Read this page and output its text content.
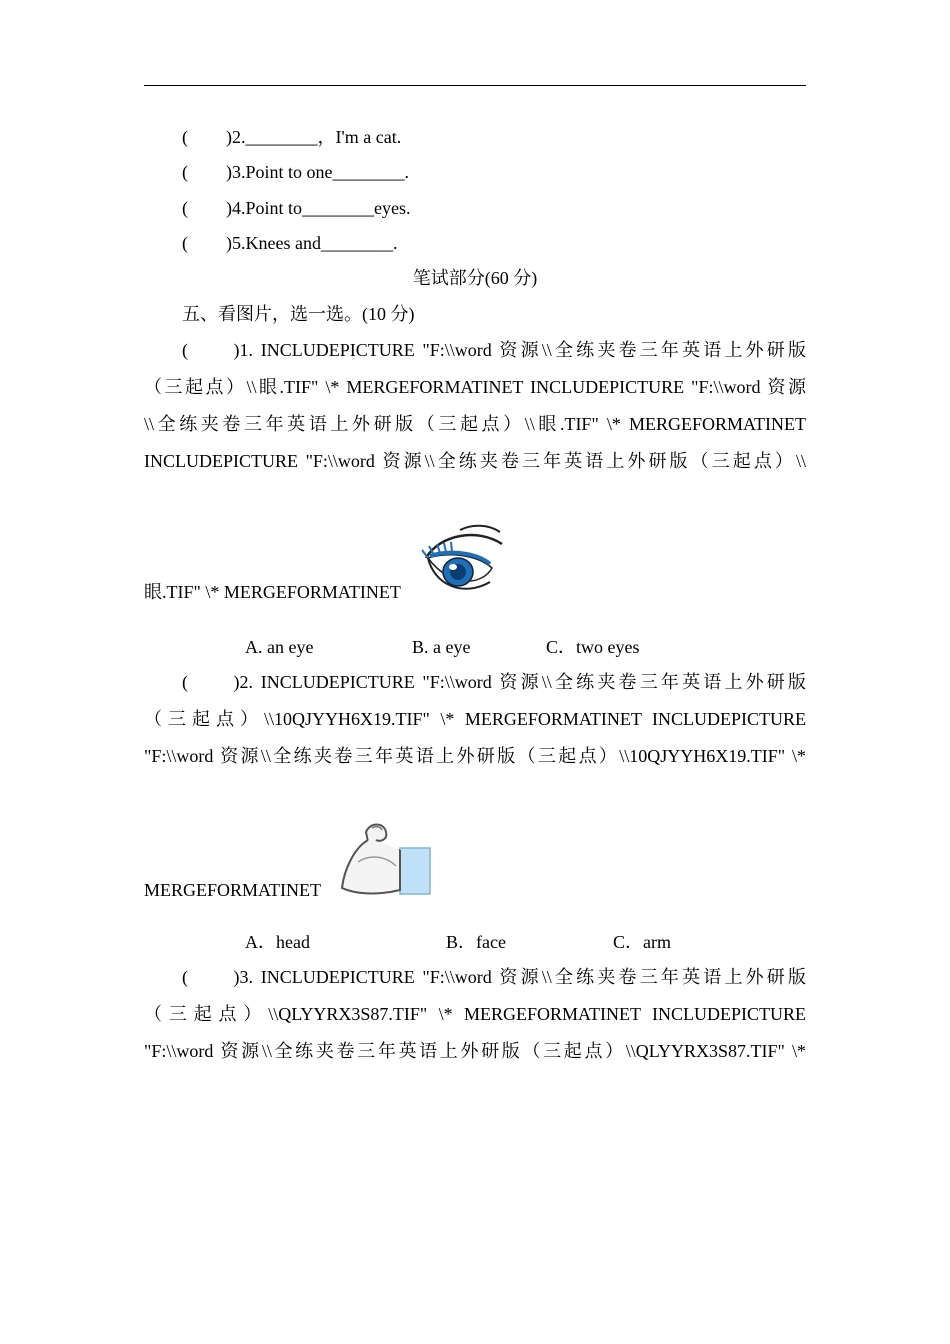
( )2.________，I'm a cat.
( )3.Point to one________.
( )4.Point to________eyes.
( )5.Knees and________.
笔试部分(60 分)
五、看图片，选一选。(10 分)
(　　)1. INCLUDEPICTURE "F:\\word 资源\\全练夹卷三年英语上外研版
（三起点）\\眼.TIF" \* MERGEFORMATINET INCLUDEPICTURE "F:\\word 资源
\\全练夹卷三年英语上外研版（三起点）\\眼.TIF" \* MERGEFORMATINET
INCLUDEPICTURE "F:\\word 资源\\全练夹卷三年英语上外研版（三起点）\\
眼.TIF" \* MERGEFORMATINET
A. an eye	B. a eye	C．two eyes
(　　)2. INCLUDEPICTURE "F:\\word 资源\\全练夹卷三年英语上外研版
（三起点）\\10QJYYH6X19.TIF" \* MERGEFORMATINET INCLUDEPICTURE
"F:\\word 资源\\全练夹卷三年英语上外研版（三起点）\\10QJYYH6X19.TIF" \*
MERGEFORMATINET
A．head	B．face	C．arm
(　　)3. INCLUDEPICTURE "F:\\word 资源\\全练夹卷三年英语上外研版
（三起点）\\QLYYRX3S87.TIF" \* MERGEFORMATINET INCLUDEPICTURE
"F:\\word 资源\\全练夹卷三年英语上外研版（三起点）\\QLYYRX3S87.TIF" \*
